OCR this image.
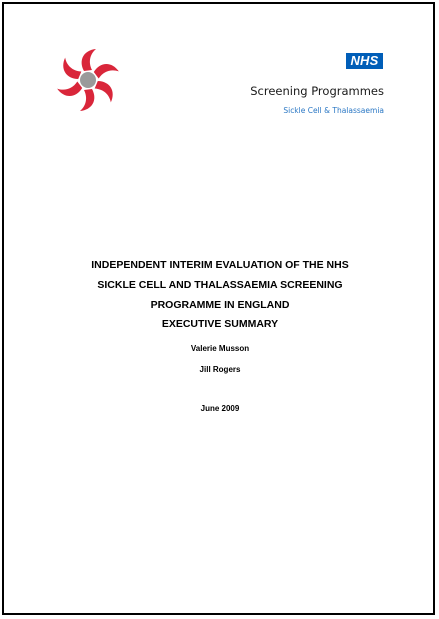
NHS
Screening Programmes
Sickle Cell & Thalassaemia
INDEPENDENT INTERIM EVALUATION OF THE NHS
SICKLE CELL AND THALASSAEMIA SCREENING
PROGRAMME IN ENGLAND
EXECUTIVE SUMMARY
Valerie Musson
Jill Rogers
June 2009
